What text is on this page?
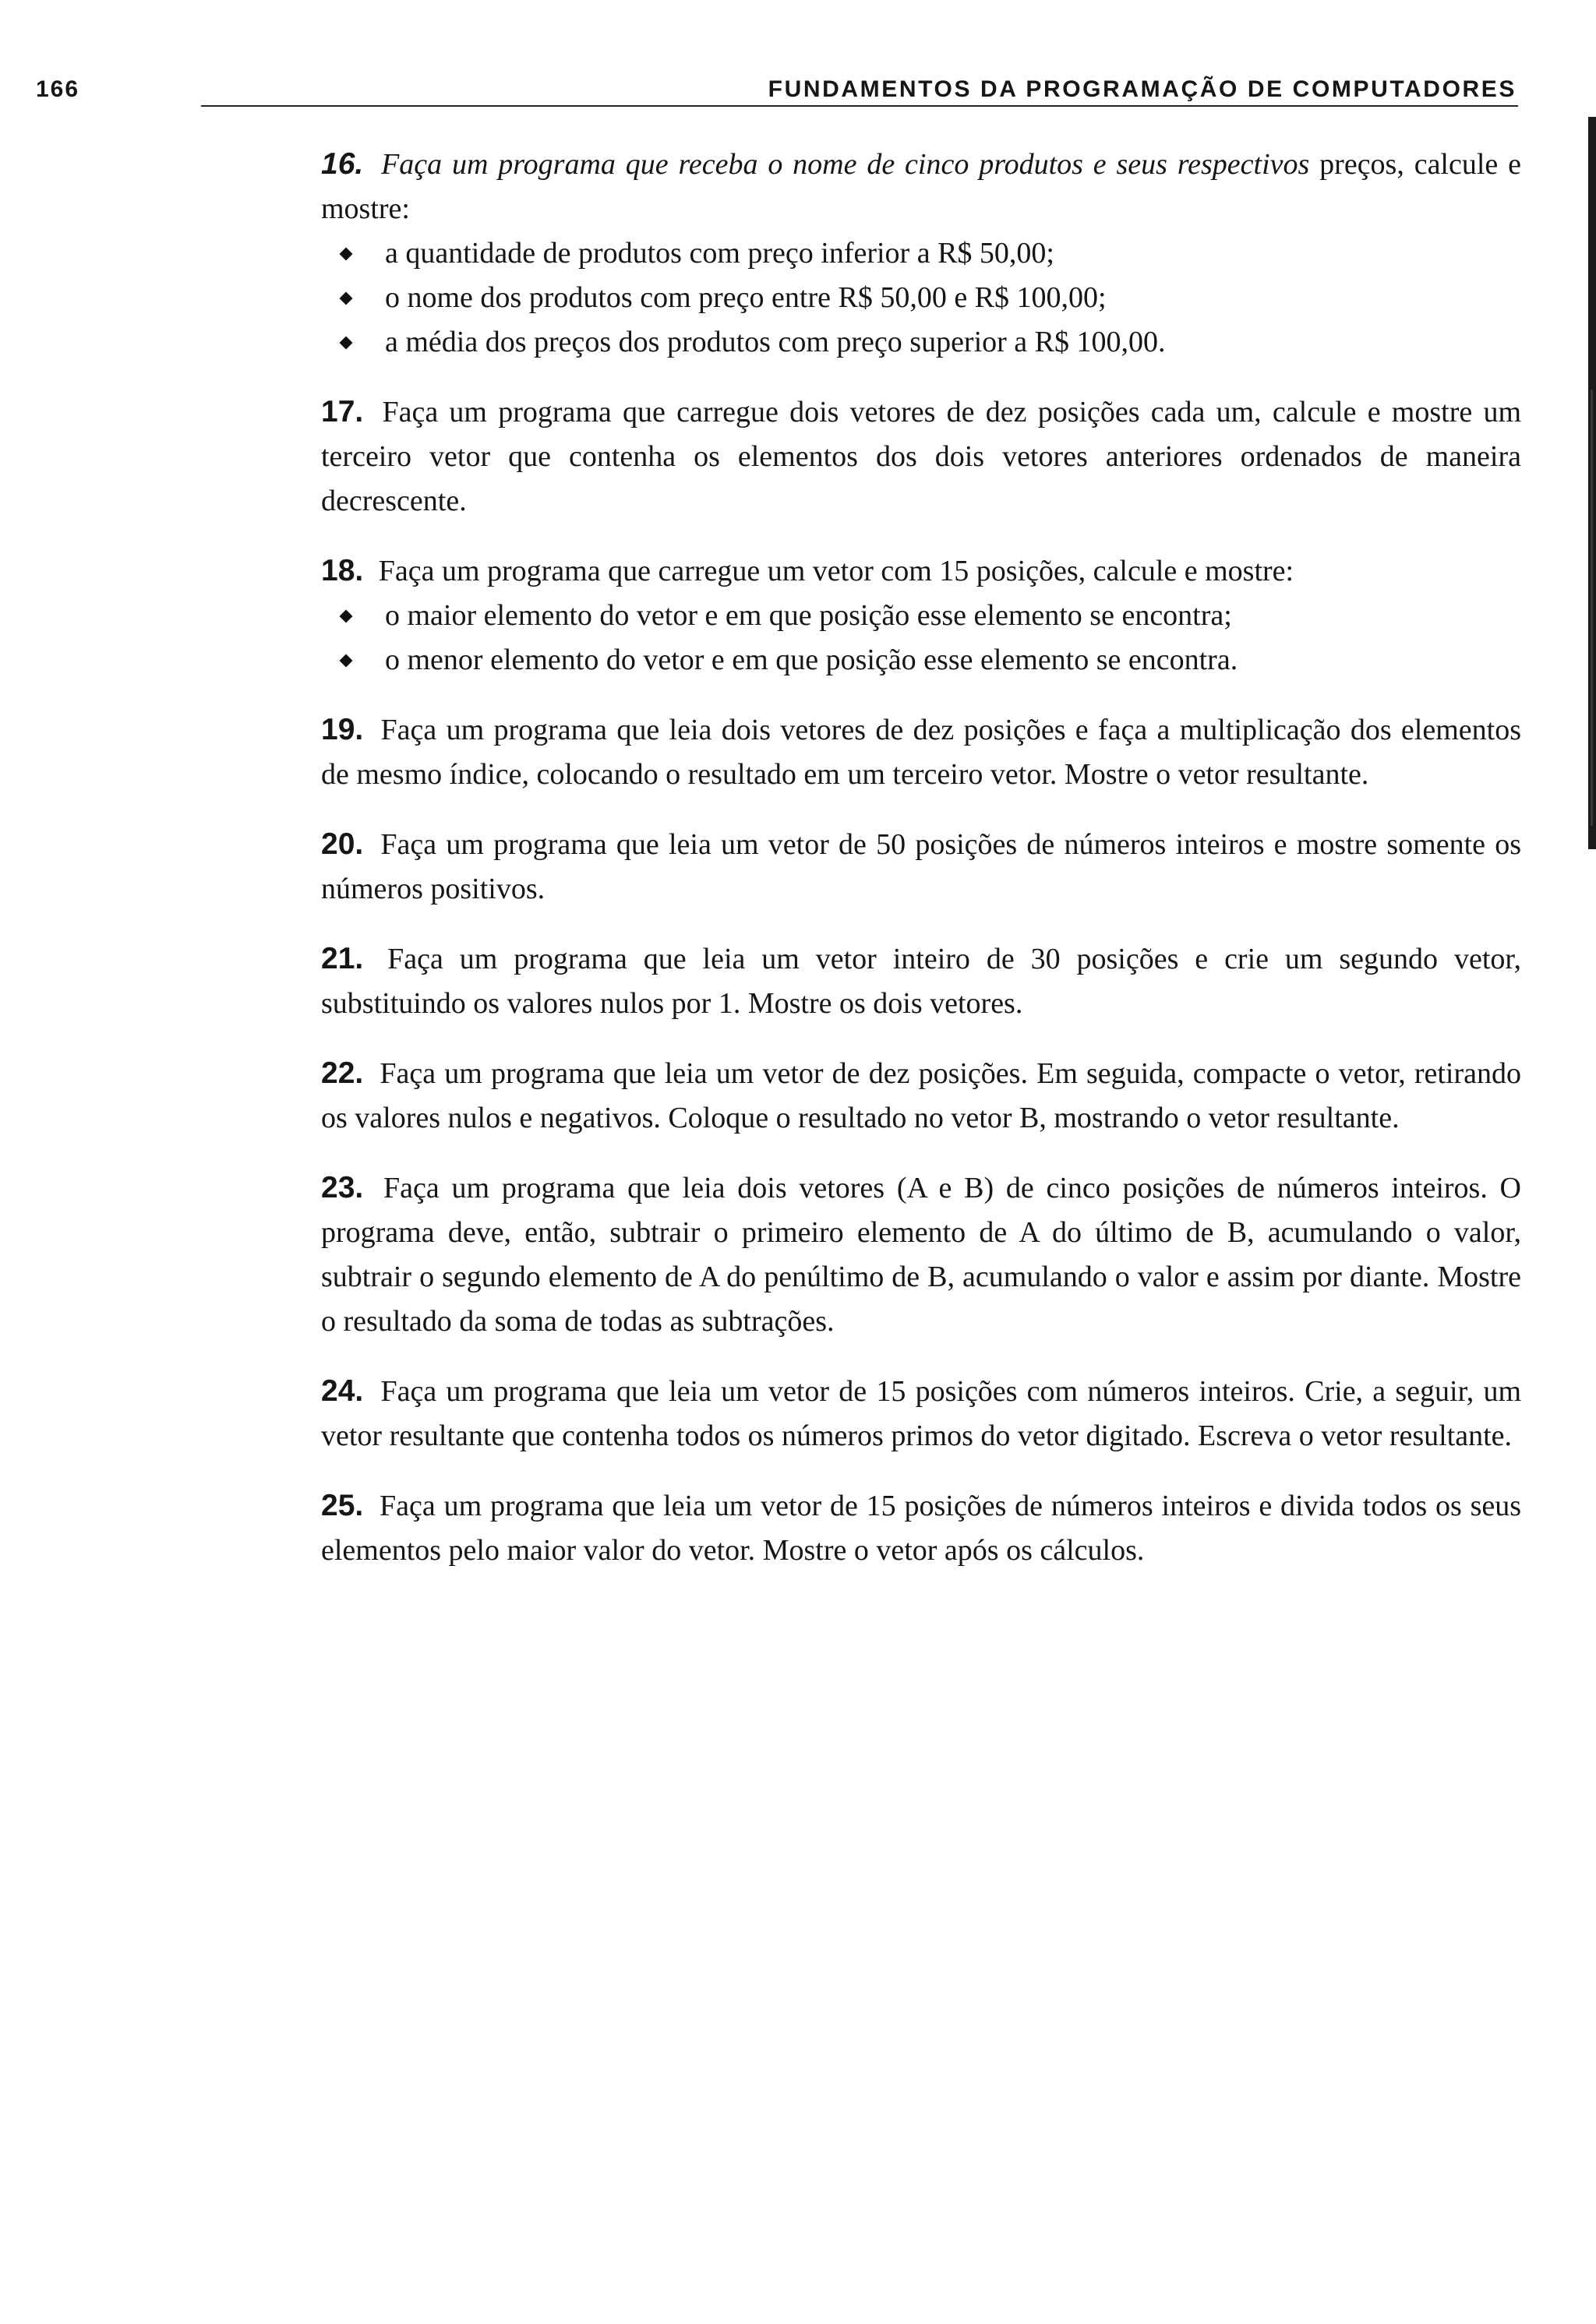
166	FUNDAMENTOS DA PROGRAMAÇÃO DE COMPUTADORES
16. Faça um programa que receba o nome de cinco produtos e seus respectivos preços, calcule e mostre:
a quantidade de produtos com preço inferior a R$ 50,00;
o nome dos produtos com preço entre R$ 50,00 e R$ 100,00;
a média dos preços dos produtos com preço superior a R$ 100,00.
17. Faça um programa que carregue dois vetores de dez posições cada um, calcule e mostre um terceiro vetor que contenha os elementos dos dois vetores anteriores ordenados de maneira decrescente.
18. Faça um programa que carregue um vetor com 15 posições, calcule e mostre:
o maior elemento do vetor e em que posição esse elemento se encontra;
o menor elemento do vetor e em que posição esse elemento se encontra.
19. Faça um programa que leia dois vetores de dez posições e faça a multiplicação dos elementos de mesmo índice, colocando o resultado em um terceiro vetor. Mostre o vetor resultante.
20. Faça um programa que leia um vetor de 50 posições de números inteiros e mostre somente os números positivos.
21. Faça um programa que leia um vetor inteiro de 30 posições e crie um segundo vetor, substituindo os valores nulos por 1. Mostre os dois vetores.
22. Faça um programa que leia um vetor de dez posições. Em seguida, compacte o vetor, retirando os valores nulos e negativos. Coloque o resultado no vetor B, mostrando o vetor resultante.
23. Faça um programa que leia dois vetores (A e B) de cinco posições de números inteiros. O programa deve, então, subtrair o primeiro elemento de A do último de B, acumulando o valor, subtrair o segundo elemento de A do penúltimo de B, acumulando o valor e assim por diante. Mostre o resultado da soma de todas as subtrações.
24. Faça um programa que leia um vetor de 15 posições com números inteiros. Crie, a seguir, um vetor resultante que contenha todos os números primos do vetor digitado. Escreva o vetor resultante.
25. Faça um programa que leia um vetor de 15 posições de números inteiros e divida todos os seus elementos pelo maior valor do vetor. Mostre o vetor após os cálculos.
